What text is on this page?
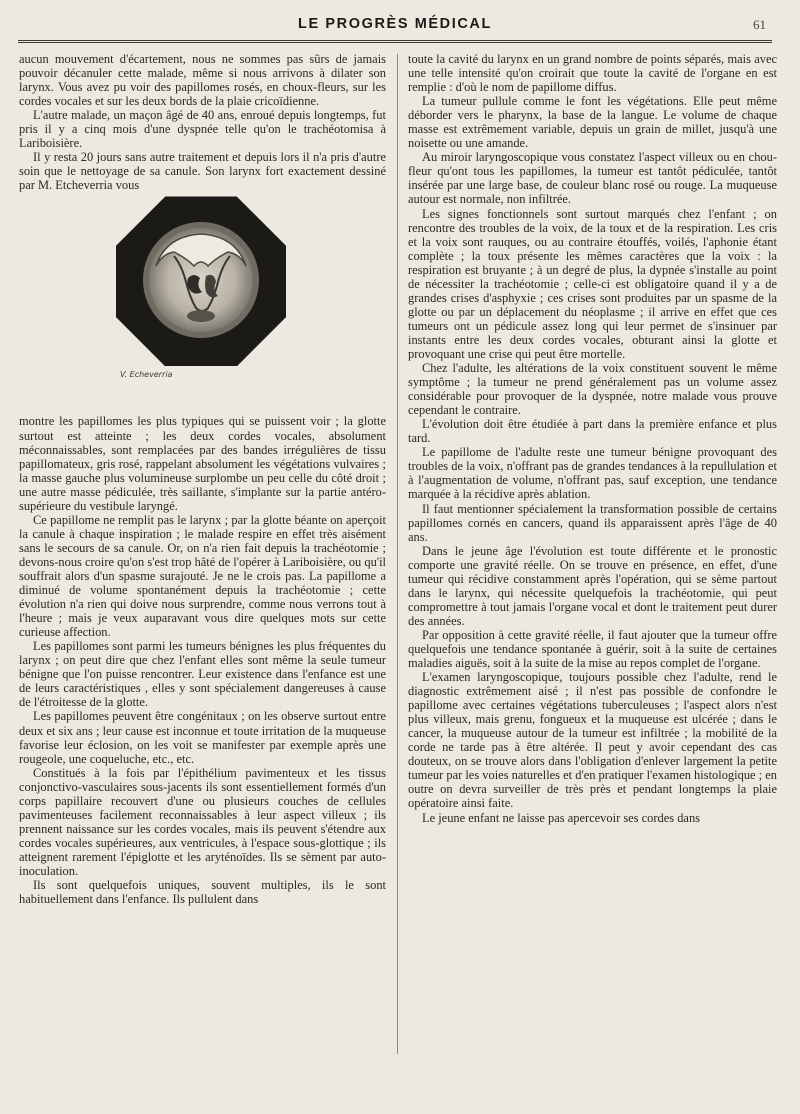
LE PROGRÈS MÉDICAL	61

aucun mouvement d'écartement, nous ne sommes pas sûrs de jamais pouvoir décanuler cette malade, même si nous arrivons à dilater son larynx. Vous avez pu voir des papillomes rosés, en choux-fleurs, sur les cordes vocales et sur les deux bords de la plaie cricoïdienne.

L'autre malade, un maçon âgé de 40 ans, enroué depuis longtemps, fut pris il y a cinq mois d'une dyspnée telle qu'on le trachéotomisa à Lariboisière.

Il y resta 20 jours sans autre traitement et depuis lors il n'a pris d'autre soin que le nettoyage de sa canule. Son larynx fort exactement dessiné par M. Etcheverria vous

V. Echeverria

montre les papillomes les plus typiques qui se puissent voir ; la glotte surtout est atteinte ; les deux cordes vocales, absolument méconnaissables, sont remplacées par des bandes irrégulières de tissu papillomateux, gris rosé, rappelant absolument les végétations vulvaires ; la masse gauche plus volumineuse surplombe un peu celle du côté droit ; une autre masse pédiculée, très saillante, s'implante sur la partie antéro-supérieure du vestibule laryngé.

Ce papillome ne remplit pas le larynx ; par la glotte béante on aperçoit la canule à chaque inspiration ; le malade respire en effet très aisément sans le secours de sa canule. Or, on n'a rien fait depuis la trachéotomie ; devons-nous croire qu'on s'est trop hâté de l'opérer à Lariboisière, ou qu'il souffrait alors d'un spasme surajouté. Je ne le crois pas. La papillome a diminué de volume spontanément depuis la trachéotomie ; cette évolution n'a rien qui doive nous surprendre, comme nous verrons tout à l'heure ; mais je veux auparavant vous dire quelques mots sur cette curieuse affection.

Les papillomes sont parmi les tumeurs bénignes les plus fréquentes du larynx ; on peut dire que chez l'enfant elles sont même la seule tumeur bénigne que l'on puisse rencontrer. Leur existence dans l'enfance est une de leurs caractéristiques , elles y sont spécialement dangereuses à cause de l'étroitesse de la glotte.

Les papillomes peuvent être congénitaux ; on les observe surtout entre deux et six ans ; leur cause est inconnue et toute irritation de la muqueuse favorise leur éclosion, on les voit se manifester par exemple après une rougeole, une coqueluche, etc., etc.

Constitués à la fois par l'épithélium pavimenteux et les tissus conjonctivo-vasculaires sous-jacents ils sont essentiellement formés d'un corps papillaire recouvert d'une ou plusieurs couches de cellules pavimenteuses facilement reconnaissables à leur aspect villeux ; ils prennent naissance sur les cordes vocales, mais ils peuvent s'étendre aux cordes vocales supérieures, aux ventricules, à l'espace sous-glottique ; ils atteignent rarement l'épiglotte et les aryténoïdes. Ils se sèment par auto-inoculation.

Ils sont quelquefois uniques, souvent multiples, ils le sont habituellement dans l'enfance. Ils pullulent dans

toute la cavité du larynx en un grand nombre de points séparés, mais avec une telle intensité qu'on croirait que toute la cavité de l'organe en est remplie : d'où le nom de papillome diffus.

La tumeur pullule comme le font les végétations. Elle peut même déborder vers le pharynx, la base de la langue. Le volume de chaque masse est extrêmement variable, depuis un grain de millet, jusqu'à une noisette ou une amande.

Au miroir laryngoscopique vous constatez l'aspect villeux ou en chou-fleur qu'ont tous les papillomes, la tumeur est tantôt pédiculée, tantôt insérée par une large base, de couleur blanc rosé ou rouge. La muqueuse autour est normale, non infiltrée.

Les signes fonctionnels sont surtout marqués chez l'enfant ; on rencontre des troubles de la voix, de la toux et de la respiration. Les cris et la voix sont rauques, ou au contraire étouffés, voilés, l'aphonie étant complète ; la toux présente les mêmes caractères que la voix : la respiration est bruyante ; à un degré de plus, la dypnée s'installe au point de nécessiter la trachéotomie ; celle-ci est obligatoire quand il y a de grandes crises d'asphyxie ; ces crises sont produites par un spasme de la glotte ou par un déplacement du néoplasme ; il arrive en effet que ces tumeurs ont un pédicule assez long qui leur permet de s'insinuer par instants entre les deux cordes vocales, obturant ainsi la glotte et provoquant une crise qui peut être mortelle.

Chez l'adulte, les altérations de la voix constituent souvent le même symptôme ; la tumeur ne prend généralement pas un volume assez considérable pour provoquer de la dyspnée, notre malade vous prouve cependant le contraire.

L'évolution doit être étudiée à part dans la première enfance et plus tard.

Le papillome de l'adulte reste une tumeur bénigne provoquant des troubles de la voix, n'offrant pas de grandes tendances à la repullulation et à l'augmentation de volume, n'offrant pas, sauf exception, une tendance marquée à la récidive après ablation.

Il faut mentionner spécialement la transformation possible de certains papillomes cornés en cancers, quand ils apparaissent après l'âge de 40 ans.

Dans le jeune âge l'évolution est toute différente et le pronostic comporte une gravité réelle. On se trouve en présence, en effet, d'une tumeur qui récidive constamment après l'opération, qui se sème partout dans le larynx, qui nécessite quelquefois la trachéotomie, qui peut compromettre à tout jamais l'organe vocal et dont le traitement peut durer des années.

Par opposition à cette gravité réelle, il faut ajouter que la tumeur offre quelquefois une tendance spontanée à guérir, soit à la suite de certaines maladies aiguës, soit à la suite de la mise au repos complet de l'organe.

L'examen laryngoscopique, toujours possible chez l'adulte, rend le diagnostic extrêmement aisé ; il n'est pas possible de confondre le papillome avec certaines végétations tuberculeuses ; l'aspect alors n'est plus villeux, mais grenu, fongueux et la muqueuse est ulcérée ; dans le cancer, la muqueuse autour de la tumeur est infiltrée ; la mobilité de la corde ne tarde pas à être altérée. Il peut y avoir cependant des cas douteux, on se trouve alors dans l'obligation d'enlever largement la petite tumeur par les voies naturelles et d'en pratiquer l'examen histologique ; en outre on devra surveiller de très près et pendant longtemps la plaie opératoire ainsi faite.

Le jeune enfant ne laisse pas apercevoir ses cordes dans
